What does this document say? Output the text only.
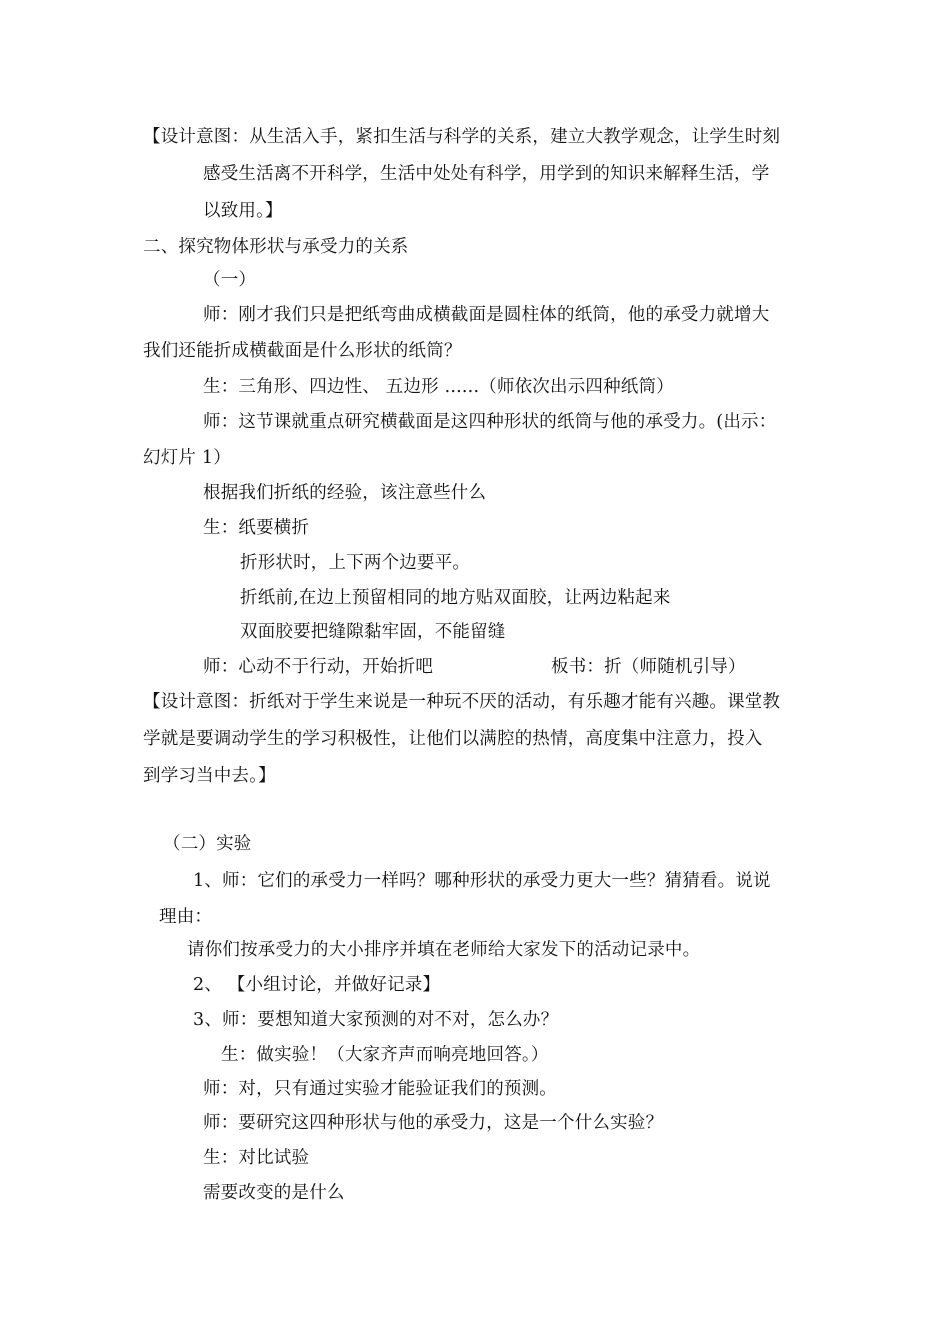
【设计意图：从生活入手，紧扣生活与科学的关系，建立大教学观念，让学生时刻
感受生活离不开科学，生活中处处有科学，用学到的知识来解释生活，学
以致用。】
二、探究物体形状与承受力的关系
（一）
师：刚才我们只是把纸弯曲成横截面是圆柱体的纸筒，他的承受力就增大
我们还能折成横截面是什么形状的纸筒？
生：三角形、四边性、 五边形 ......（师依次出示四种纸筒）
师：这节课就重点研究横截面是这四种形状的纸筒与他的承受力。(出示：
幻灯片 1）
根据我们折纸的经验，该注意些什么
生：纸要横折
折形状时，上下两个边要平。
折纸前,在边上预留相同的地方贴双面胶，让两边粘起来
双面胶要把缝隙黏牢固，不能留缝
师：心动不于行动，开始折吧	板书：折（师随机引导）
【设计意图：折纸对于学生来说是一种玩不厌的活动，有乐趣才能有兴趣。课堂教
学就是要调动学生的学习积极性，让他们以满腔的热情，高度集中注意力，投入
到学习当中去。】
（二）实验
1、师：它们的承受力一样吗？哪种形状的承受力更大一些？猜猜看。说说
理由：
请你们按承受力的大小排序并填在老师给大家发下的活动记录中。
2、 【小组讨论，并做好记录】
3、师：要想知道大家预测的对不对，怎么办？
生：做实验！（大家齐声而响亮地回答。）
师：对，只有通过实验才能验证我们的预测。
师：要研究这四种形状与他的承受力，这是一个什么实验？
生：对比试验
需要改变的是什么
